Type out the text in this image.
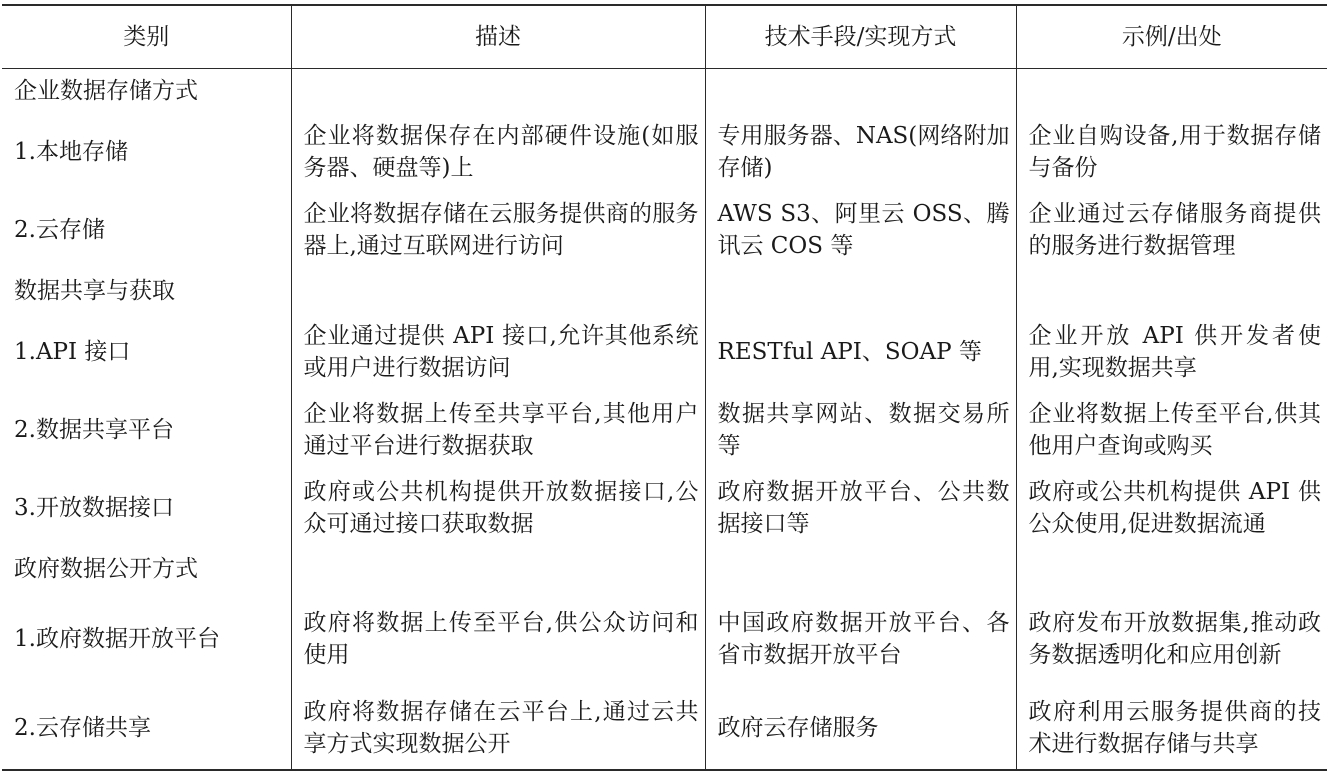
类别	描述	技术手段/实现方式	示例/出处
企业数据存储方式			
1.本地存储	企业将数据保存在内部硬件设施(如服务器、硬盘等)上	专用服务器、NAS(网络附加存储)	企业自购设备,用于数据存储与备份
2.云存储	企业将数据存储在云服务提供商的服务器上,通过互联网进行访问	AWS S3、阿里云 OSS、腾讯云 COS 等	企业通过云存储服务商提供的服务进行数据管理
数据共享与获取			
1.API 接口	企业通过提供 API 接口,允许其他系统或用户进行数据访问	RESTful API、SOAP 等	企业开放 API 供开发者使用,实现数据共享
2.数据共享平台	企业将数据上传至共享平台,其他用户通过平台进行数据获取	数据共享网站、数据交易所等	企业将数据上传至平台,供其他用户查询或购买
3.开放数据接口	政府或公共机构提供开放数据接口,公众可通过接口获取数据	政府数据开放平台、公共数据接口等	政府或公共机构提供 API 供公众使用,促进数据流通
政府数据公开方式			
1.政府数据开放平台	政府将数据上传至平台,供公众访问和使用	中国政府数据开放平台、各省市数据开放平台	政府发布开放数据集,推动政务数据透明化和应用创新
2.云存储共享	政府将数据存储在云平台上,通过云共享方式实现数据公开	政府云存储服务	政府利用云服务提供商的技术进行数据存储与共享
